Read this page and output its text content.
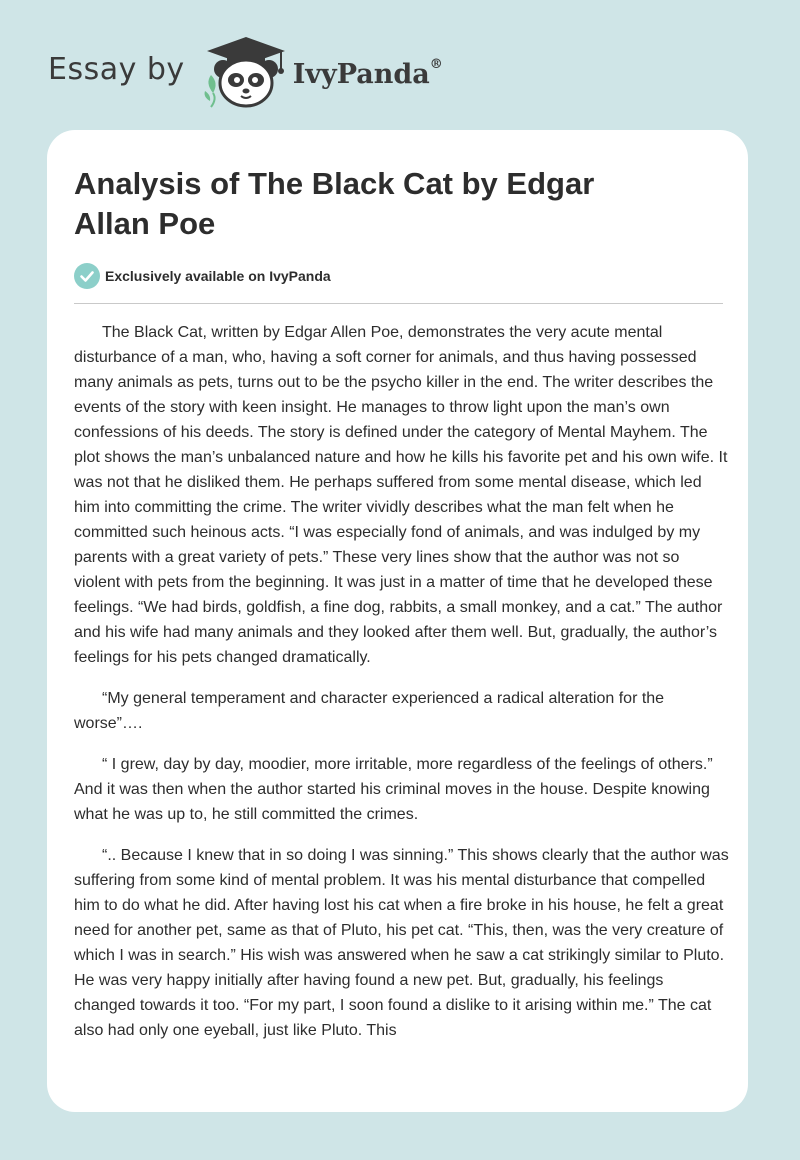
Essay by	IvyPanda®
Analysis of The Black Cat by Edgar Allan Poe
Exclusively available on IvyPanda

The Black Cat, written by Edgar Allen Poe, demonstrates the very acute mental disturbance of a man, who, having a soft corner for animals, and thus having possessed many animals as pets, turns out to be the psycho killer in the end. The writer describes the events of the story with keen insight. He manages to throw light upon the man’s own confessions of his deeds. The story is defined under the category of Mental Mayhem. The plot shows the man’s unbalanced nature and how he kills his favorite pet and his own wife. It was not that he disliked them. He perhaps suffered from some mental disease, which led him into committing the crime. The writer vividly describes what the man felt when he committed such heinous acts. “I was especially fond of animals, and was indulged by my parents with a great variety of pets.” These very lines show that the author was not so violent with pets from the beginning. It was just in a matter of time that he developed these feelings. “We had birds, goldfish, a fine dog, rabbits, a small monkey, and a cat.” The author and his wife had many animals and they looked after them well. But, gradually, the author’s feelings for his pets changed dramatically.

“My general temperament and character experienced a radical alteration for the worse”….

“ I grew, day by day, moodier, more irritable, more regardless of the feelings of others.” And it was then when the author started his criminal moves in the house. Despite knowing what he was up to, he still committed the crimes.

“.. Because I knew that in so doing I was sinning.” This shows clearly that the author was suffering from some kind of mental problem. It was his mental disturbance that compelled him to do what he did. After having lost his cat when a fire broke in his house, he felt a great need for another pet, same as that of Pluto, his pet cat. “This, then, was the very creature of which I was in search.” His wish was answered when he saw a cat strikingly similar to Pluto. He was very happy initially after having found a new pet. But, gradually, his feelings changed towards it too. “For my part, I soon found a dislike to it arising within me.” The cat also had only one eyeball, just like Pluto. This
